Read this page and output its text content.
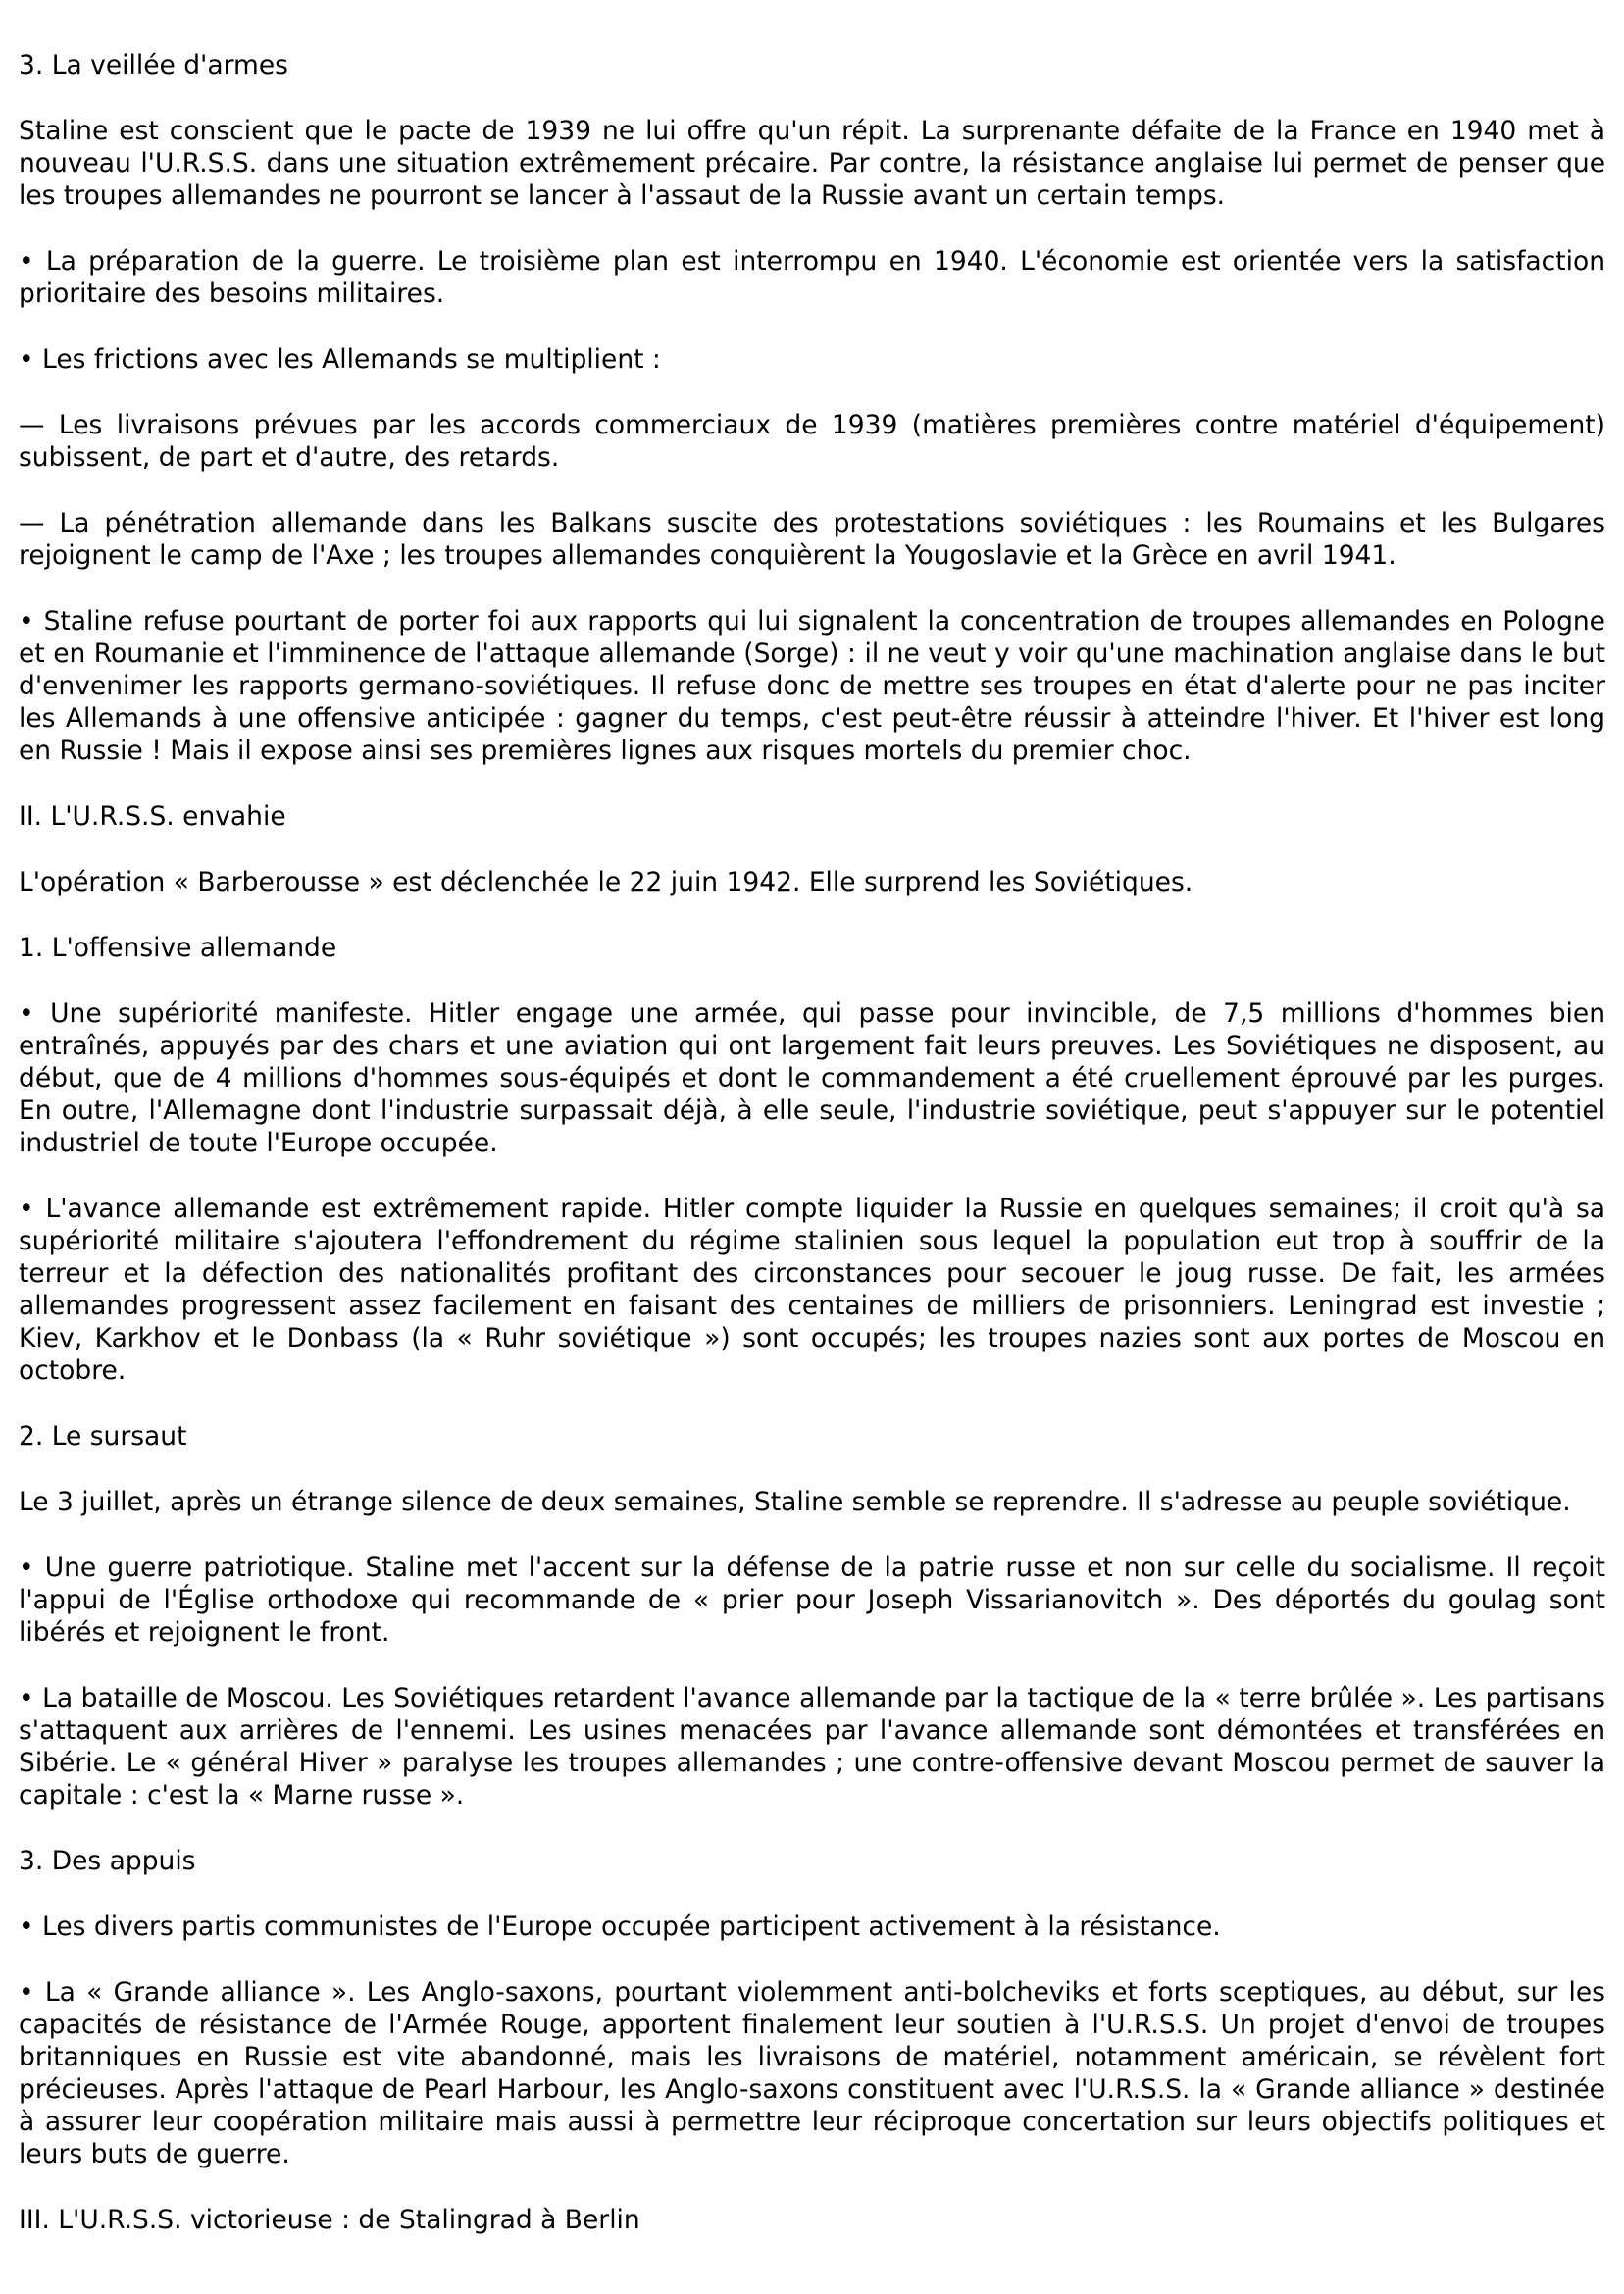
3. La veillée d'armes
Staline est conscient que le pacte de 1939 ne lui offre qu'un répit. La surprenante défaite de la France en 1940 met à nouveau l'U.R.S.S. dans une situation extrêmement précaire. Par contre, la résistance anglaise lui permet de penser que les troupes allemandes ne pourront se lancer à l'assaut de la Russie avant un certain temps.
• La préparation de la guerre. Le troisième plan est interrompu en 1940. L'économie est orientée vers la satisfaction prioritaire des besoins militaires.
• Les frictions avec les Allemands se multiplient :
— Les livraisons prévues par les accords commerciaux de 1939 (matières premières contre matériel d'équipement) subissent, de part et d'autre, des retards.
— La pénétration allemande dans les Balkans suscite des protestations soviétiques : les Roumains et les Bulgares rejoignent le camp de l'Axe ; les troupes allemandes conquièrent la Yougoslavie et la Grèce en avril 1941.
• Staline refuse pourtant de porter foi aux rapports qui lui signalent la concentration de troupes allemandes en Pologne et en Roumanie et l'imminence de l'attaque allemande (Sorge) : il ne veut y voir qu'une machination anglaise dans le but d'envenimer les rapports germano-soviétiques. Il refuse donc de mettre ses troupes en état d'alerte pour ne pas inciter les Allemands à une offensive anticipée : gagner du temps, c'est peut-être réussir à atteindre l'hiver. Et l'hiver est long en Russie ! Mais il expose ainsi ses premières lignes aux risques mortels du premier choc.
II. L'U.R.S.S. envahie
L'opération « Barberousse » est déclenchée le 22 juin 1942. Elle surprend les Soviétiques.
1. L'offensive allemande
• Une supériorité manifeste. Hitler engage une armée, qui passe pour invincible, de 7,5 millions d'hommes bien entraînés, appuyés par des chars et une aviation qui ont largement fait leurs preuves. Les Soviétiques ne disposent, au début, que de 4 millions d'hommes sous-équipés et dont le commandement a été cruellement éprouvé par les purges. En outre, l'Allemagne dont l'industrie surpassait déjà, à elle seule, l'industrie soviétique, peut s'appuyer sur le potentiel industriel de toute l'Europe occupée.
• L'avance allemande est extrêmement rapide. Hitler compte liquider la Russie en quelques semaines; il croit qu'à sa supériorité militaire s'ajoutera l'effondrement du régime stalinien sous lequel la population eut trop à souffrir de la terreur et la défection des nationalités profitant des circonstances pour secouer le joug russe. De fait, les armées allemandes progressent assez facilement en faisant des centaines de milliers de prisonniers. Leningrad est investie ; Kiev, Karkhov et le Donbass (la « Ruhr soviétique ») sont occupés; les troupes nazies sont aux portes de Moscou en octobre.
2. Le sursaut
Le 3 juillet, après un étrange silence de deux semaines, Staline semble se reprendre. Il s'adresse au peuple soviétique.
• Une guerre patriotique. Staline met l'accent sur la défense de la patrie russe et non sur celle du socialisme. Il reçoit l'appui de l'Église orthodoxe qui recommande de « prier pour Joseph Vissarianovitch ». Des déportés du goulag sont libérés et rejoignent le front.
• La bataille de Moscou. Les Soviétiques retardent l'avance allemande par la tactique de la « terre brûlée ». Les partisans s'attaquent aux arrières de l'ennemi. Les usines menacées par l'avance allemande sont démontées et transférées en Sibérie. Le « général Hiver » paralyse les troupes allemandes ; une contre-offensive devant Moscou permet de sauver la capitale : c'est la « Marne russe ».
3. Des appuis
• Les divers partis communistes de l'Europe occupée participent activement à la résistance.
• La « Grande alliance ». Les Anglo-saxons, pourtant violemment anti-bolcheviks et forts sceptiques, au début, sur les capacités de résistance de l'Armée Rouge, apportent finalement leur soutien à l'U.R.S.S. Un projet d'envoi de troupes britanniques en Russie est vite abandonné, mais les livraisons de matériel, notamment américain, se révèlent fort précieuses. Après l'attaque de Pearl Harbour, les Anglo-saxons constituent avec l'U.R.S.S. la « Grande alliance » destinée à assurer leur coopération militaire mais aussi à permettre leur réciproque concertation sur leurs objectifs politiques et leurs buts de guerre.
III. L'U.R.S.S. victorieuse : de Stalingrad à Berlin
